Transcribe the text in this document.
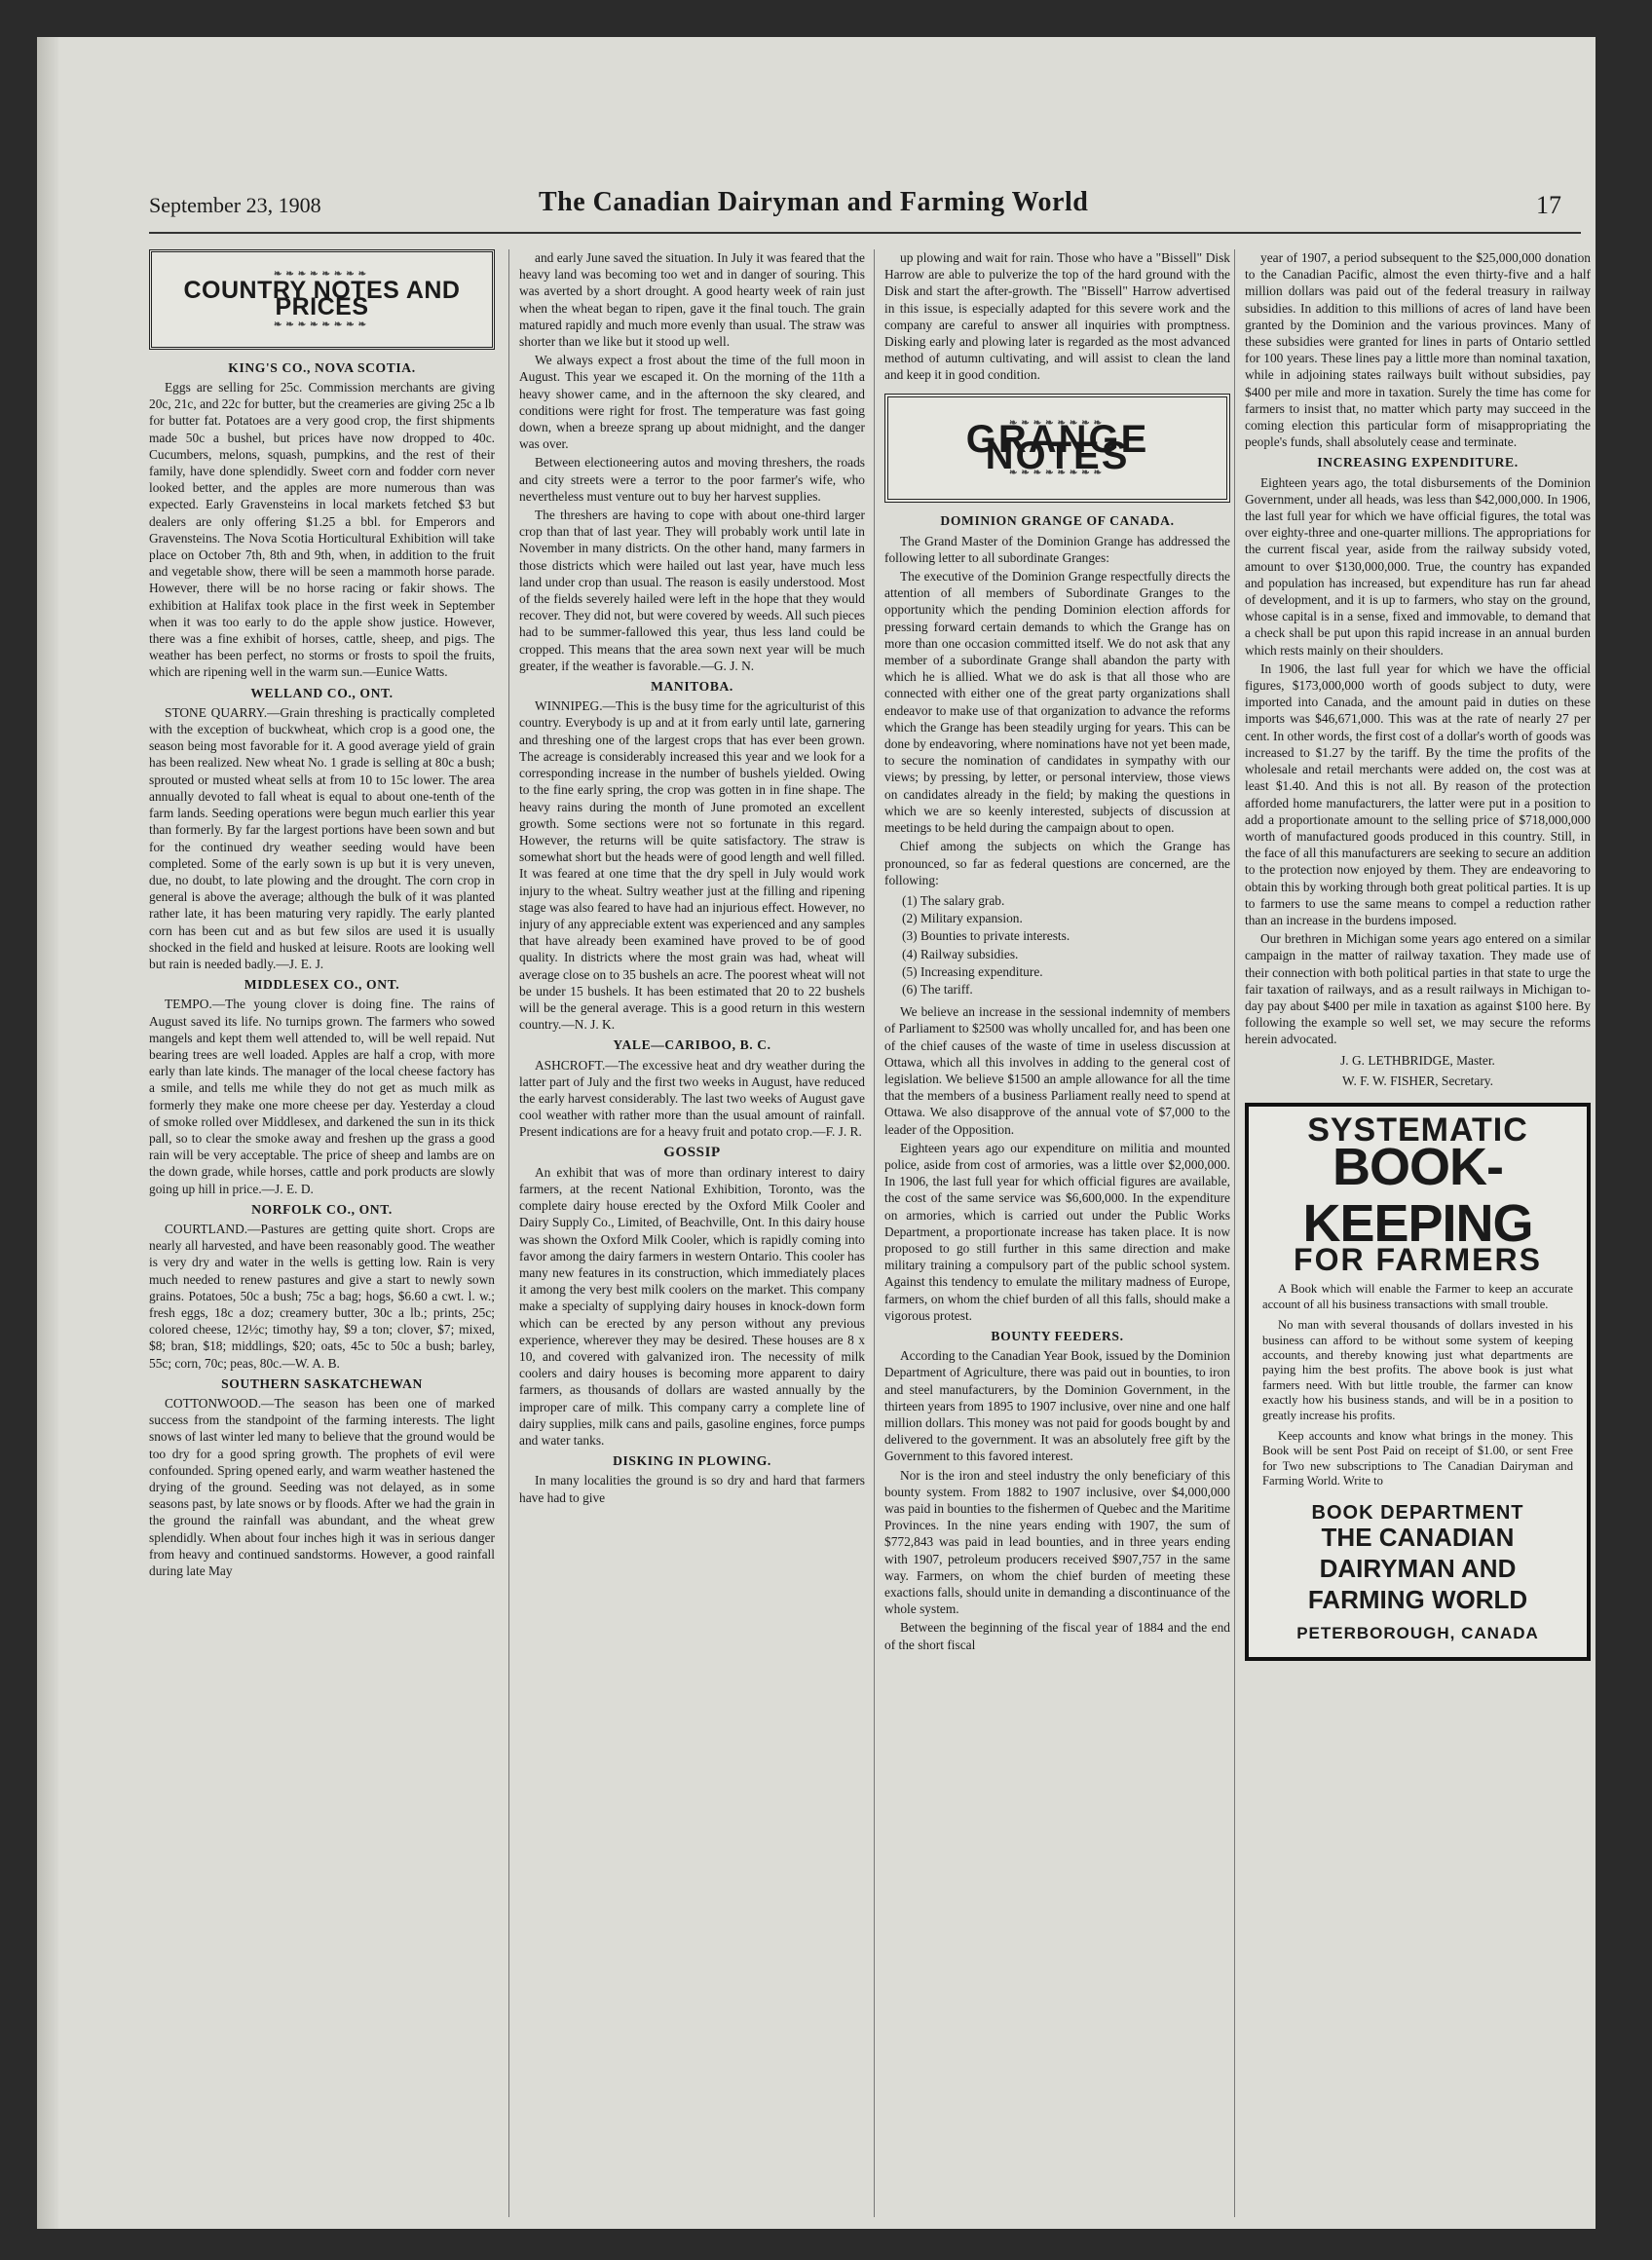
September 23, 1908	The Canadian Dairyman and Farming World	17
❧❧❧❧❧❧❧❧ COUNTRY NOTES AND PRICES ❧❧❧❧❧❧❧❧
KING'S CO., NOVA SCOTIA.

Eggs are selling for 25c. Commission merchants are giving 20c, 21c, and 22c for butter, but the creameries are giving 25c a lb for butter fat. Potatoes are a very good crop, the first shipments made 50c a bushel, but prices have now dropped to 40c. Cucumbers, melons, squash, pumpkins, and the rest of their family, have done splendidly. Sweet corn and fodder corn never looked better, and the apples are more numerous than was expected. Early Gravensteins in local markets fetched $3 but dealers are only offering $1.25 a bbl. for Emperors and Gravensteins. The Nova Scotia Horticultural Exhibition will take place on October 7th, 8th and 9th, when, in addition to the fruit and vegetable show, there will be seen a mammoth horse parade. However, there will be no horse racing or fakir shows. The exhibition at Halifax took place in the first week in September when it was too early to do the apple show justice. However, there was a fine exhibit of horses, cattle, sheep, and pigs. The weather has been perfect, no storms or frosts to spoil the fruits, which are ripening well in the warm sun.—Eunice Watts.

WELLAND CO., ONT.

STONE QUARRY.—Grain threshing is practically completed with the exception of buckwheat, which crop is a good one, the season being most favorable for it. A good average yield of grain has been realized. New wheat No. 1 grade is selling at 80c a bush; sprouted or musted wheat sells at from 10 to 15c lower. The area annually devoted to fall wheat is equal to about one-tenth of the farm lands. Seeding operations were begun much earlier this year than formerly. By far the largest portions have been sown and but for the continued dry weather seeding would have been completed. Some of the early sown is up but it is very uneven, due, no doubt, to late plowing and the drought. The corn crop in general is above the average; although the bulk of it was planted rather late, it has been maturing very rapidly. The early planted corn has been cut and as but few silos are used it is usually shocked in the field and husked at leisure. Roots are looking well but rain is needed badly.—J. E. J.

MIDDLESEX CO., ONT.

TEMPO.—The young clover is doing fine. The rains of August saved its life. No turnips grown. The farmers who sowed mangels and kept them well attended to, will be well repaid. Nut bearing trees are well loaded. Apples are half a crop, with more early than late kinds. The manager of the local cheese factory has a smile, and tells me while they do not get as much milk as formerly they make one more cheese per day. Yesterday a cloud of smoke rolled over Middlesex, and darkened the sun in its thick pall, so to clear the smoke away and freshen up the grass a good rain will be very acceptable. The price of sheep and lambs are on the down grade, while horses, cattle and pork products are slowly going up hill in price.—J. E. D.

NORFOLK CO., ONT.

COURTLAND.—Pastures are getting quite short. Crops are nearly all harvested, and have been reasonably good. The weather is very dry and water in the wells is getting low. Rain is very much needed to renew pastures and give a start to newly sown grains. Potatoes, 50c a bush; 75c a bag; hogs, $6.60 a cwt. l. w.; fresh eggs, 18c a doz; creamery butter, 30c a lb.; prints, 25c; colored cheese, 12½c; timothy hay, $9 a ton; clover, $7; mixed, $8; bran, $18; middlings, $20; oats, 45c to 50c a bush; barley, 55c; corn, 70c; peas, 80c.—W. A. B.

SOUTHERN SASKATCHEWAN

COTTONWOOD.—The season has been one of marked success from the standpoint of the farming interests. The light snows of last winter led many to believe that the ground would be too dry for a good spring growth. The prophets of evil were confounded. Spring opened early, and warm weather hastened the drying of the ground. Seeding was not delayed, as in some seasons past, by late snows or by floods. After we had the grain in the ground the rainfall was abundant, and the wheat grew splendidly. When about four inches high it was in serious danger from heavy and continued sandstorms. However, a good rainfall during late May

and early June saved the situation. In July it was feared that the heavy land was becoming too wet and in danger of souring. This was averted by a short drought. A good hearty week of rain just when the wheat began to ripen, gave it the final touch. The grain matured rapidly and much more evenly than usual. The straw was shorter than we like but it stood up well.

We always expect a frost about the time of the full moon in August. This year we escaped it. On the morning of the 11th a heavy shower came, and in the afternoon the sky cleared, and conditions were right for frost. The temperature was fast going down, when a breeze sprang up about midnight, and the danger was over.

Between electioneering autos and moving threshers, the roads and city streets were a terror to the poor farmer's wife, who nevertheless must venture out to buy her harvest supplies.

The threshers are having to cope with about one-third larger crop than that of last year. They will probably work until late in November in many districts. On the other hand, many farmers in those districts which were hailed out last year, have much less land under crop than usual. The reason is easily understood. Most of the fields severely hailed were left in the hope that they would recover. They did not, but were covered by weeds. All such pieces had to be summer-fallowed this year, thus less land could be cropped. This means that the area sown next year will be much greater, if the weather is favorable.—G. J. N.

MANITOBA.

WINNIPEG.—This is the busy time for the agriculturist of this country. Everybody is up and at it from early until late, garnering and threshing one of the largest crops that has ever been grown. The acreage is considerably increased this year and we look for a corresponding increase in the number of bushels yielded. Owing to the fine early spring, the crop was gotten in in fine shape. The heavy rains during the month of June promoted an excellent growth. Some sections were not so fortunate in this regard. However, the returns will be quite satisfactory. The straw is somewhat short but the heads were of good length and well filled. It was feared at one time that the dry spell in July would work injury to the wheat. Sultry weather just at the filling and ripening stage was also feared to have had an injurious effect. However, no injury of any appreciable extent was experienced and any samples that have already been examined have proved to be of good quality. In districts where the most grain was had, wheat will average close on to 35 bushels an acre. The poorest wheat will not be under 15 bushels. It has been estimated that 20 to 22 bushels will be the general average. This is a good return in this western country.—N. J. K.

YALE—CARIBOO, B. C.

ASHCROFT.—The excessive heat and dry weather during the latter part of July and the first two weeks in August, have reduced the early harvest considerably. The last two weeks of August gave cool weather with rather more than the usual amount of rainfall. Present indications are for a heavy fruit and potato crop.—F. J. R.

GOSSIP

An exhibit that was of more than ordinary interest to dairy farmers, at the recent National Exhibition, Toronto, was the complete dairy house erected by the Oxford Milk Cooler and Dairy Supply Co., Limited, of Beachville, Ont. In this dairy house was shown the Oxford Milk Cooler, which is rapidly coming into favor among the dairy farmers in western Ontario. This cooler has many new features in its construction, which immediately places it among the very best milk coolers on the market. This company make a specialty of supplying dairy houses in knock-down form which can be erected by any person without any previous experience, wherever they may be desired. These houses are 8 x 10, and covered with galvanized iron. The necessity of milk coolers and dairy houses is becoming more apparent to dairy farmers, as thousands of dollars are wasted annually by the improper care of milk. This company carry a complete line of dairy supplies, milk cans and pails, gasoline engines, force pumps and water tanks.

DISKING IN PLOWING.

In many localities the ground is so dry and hard that farmers have had to give

up plowing and wait for rain. Those who have a "Bissell" Disk Harrow are able to pulverize the top of the hard ground with the Disk and start the after-growth. The "Bissell" Harrow advertised in this issue, is especially adapted for this severe work and the company are careful to answer all inquiries with promptness. Disking early and plowing later is regarded as the most advanced method of autumn cultivating, and will assist to clean the land and keep it in good condition.

❧❧❧❧❧❧❧❧ GRANGE NOTES ❧❧❧❧❧❧❧❧
DOMINION GRANGE OF CANADA.

The Grand Master of the Dominion Grange has addressed the following letter to all subordinate Granges:

The executive of the Dominion Grange respectfully directs the attention of all members of Subordinate Granges to the opportunity which the pending Dominion election affords for pressing forward certain demands to which the Grange has on more than one occasion committed itself. We do not ask that any member of a subordinate Grange shall abandon the party with which he is allied. What we do ask is that all those who are connected with either one of the great party organizations shall endeavor to make use of that organization to advance the reforms which the Grange has been steadily urging for years. This can be done by endeavoring, where nominations have not yet been made, to secure the nomination of candidates in sympathy with our views; by pressing, by letter, or personal interview, those views on candidates already in the field; by making the questions in which we are so keenly interested, subjects of discussion at meetings to be held during the campaign about to open.

Chief among the subjects on which the Grange has pronounced, so far as federal questions are concerned, are the following:

(1) The salary grab.
(2) Military expansion.
(3) Bounties to private interests.
(4) Railway subsidies.
(5) Increasing expenditure.
(6) The tariff.

We believe an increase in the sessional indemnity of members of Parliament to $2500 was wholly uncalled for, and has been one of the chief causes of the waste of time in useless discussion at Ottawa, which all this involves in adding to the general cost of legislation. We believe $1500 an ample allowance for all the time that the members of a business Parliament really need to spend at Ottawa. We also disapprove of the annual vote of $7,000 to the leader of the Opposition.

Eighteen years ago our expenditure on militia and mounted police, aside from cost of armories, was a little over $2,000,000. In 1906, the last full year for which official figures are available, the cost of the same service was $6,600,000. In the expenditure on armories, which is carried out under the Public Works Department, a proportionate increase has taken place. It is now proposed to go still further in this same direction and make military training a compulsory part of the public school system. Against this tendency to emulate the military madness of Europe, farmers, on whom the chief burden of all this falls, should make a vigorous protest.

BOUNTY FEEDERS.

According to the Canadian Year Book, issued by the Dominion Department of Agriculture, there was paid out in bounties, to iron and steel manufacturers, by the Dominion Government, in the thirteen years from 1895 to 1907 inclusive, over nine and one half million dollars. This money was not paid for goods bought by and delivered to the government. It was an absolutely free gift by the Government to this favored interest.

Nor is the iron and steel industry the only beneficiary of this bounty system. From 1882 to 1907 inclusive, over $4,000,000 was paid in bounties to the fishermen of Quebec and the Maritime Provinces. In the nine years ending with 1907, the sum of $772,843 was paid in lead bounties, and in three years ending with 1907, petroleum producers received $907,757 in the same way. Farmers, on whom the chief burden of meeting these exactions falls, should unite in demanding a discontinuance of the whole system.

Between the beginning of the fiscal year of 1884 and the end of the short fiscal

year of 1907, a period subsequent to the $25,000,000 donation to the Canadian Pacific, almost the even thirty-five and a half million dollars was paid out of the federal treasury in railway subsidies. In addition to this millions of acres of land have been granted by the Dominion and the various provinces. Many of these subsidies were granted for lines in parts of Ontario settled for 100 years. These lines pay a little more than nominal taxation, while in adjoining states railways built without subsidies, pay $400 per mile and more in taxation. Surely the time has come for farmers to insist that, no matter which party may succeed in the coming election this particular form of misappropriating the people's funds, shall absolutely cease and terminate.

INCREASING EXPENDITURE.

Eighteen years ago, the total disbursements of the Dominion Government, under all heads, was less than $42,000,000. In 1906, the last full year for which we have official figures, the total was over eighty-three and one-quarter millions. The appropriations for the current fiscal year, aside from the railway subsidy voted, amount to over $130,000,000. True, the country has expanded and population has increased, but expenditure has run far ahead of development, and it is up to farmers, who stay on the ground, whose capital is in a sense, fixed and immovable, to demand that a check shall be put upon this rapid increase in an annual burden which rests mainly on their shoulders.

In 1906, the last full year for which we have the official figures, $173,000,000 worth of goods subject to duty, were imported into Canada, and the amount paid in duties on these imports was $46,671,000. This was at the rate of nearly 27 per cent. In other words, the first cost of a dollar's worth of goods was increased to $1.27 by the tariff. By the time the profits of the wholesale and retail merchants were added on, the cost was at least $1.40. And this is not all. By reason of the protection afforded home manufacturers, the latter were put in a position to add a proportionate amount to the selling price of $718,000,000 worth of manufactured goods produced in this country. Still, in the face of all this manufacturers are seeking to secure an addition to the protection now enjoyed by them. They are endeavoring to obtain this by working through both great political parties. It is up to farmers to use the same means to compel a reduction rather than an increase in the burdens imposed.

Our brethren in Michigan some years ago entered on a similar campaign in the matter of railway taxation. They made use of their connection with both political parties in that state to urge the fair taxation of railways, and as a result railways in Michigan to-day pay about $400 per mile in taxation as against $100 here. By following the example so well set, we may secure the reforms herein advocated.

J. G. LETHBRIDGE, Master.
W. F. W. FISHER, Secretary.
SYSTEMATIC
BOOK-KEEPING
FOR FARMERS

A Book which will enable the Farmer to keep an accurate account of all his business transactions with small trouble.

No man with several thousands of dollars invested in his business can afford to be without some system of keeping accounts, and thereby knowing just what departments are paying him the best profits. The above book is just what farmers need. With but little trouble, the farmer can know exactly how his business stands, and will be in a position to greatly increase his profits.

Keep accounts and know what brings in the money. This Book will be sent Post Paid on receipt of $1.00, or sent Free for Two new subscriptions to The Canadian Dairyman and Farming World. Write to

BOOK DEPARTMENT
THE CANADIAN DAIRYMAN AND FARMING WORLD
PETERBOROUGH, CANADA
